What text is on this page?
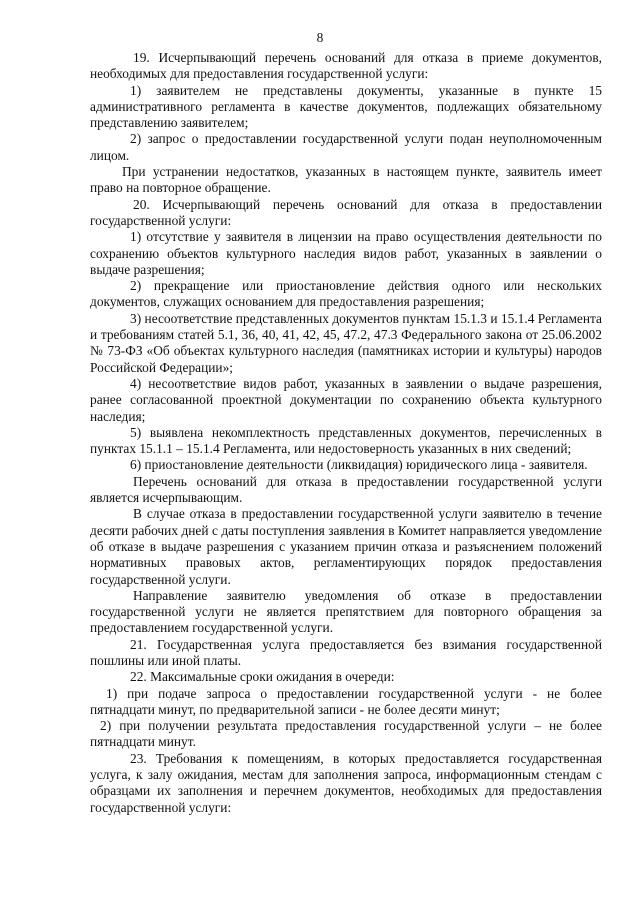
8

19. Исчерпывающий перечень оснований для отказа в приеме документов, необходимых для предоставления государственной услуги:

1) заявителем не представлены документы, указанные в пункте 15 административного регламента в качестве документов, подлежащих обязательному представлению заявителем;

2) запрос о предоставлении государственной услуги подан неуполномоченным лицом.

При устранении недостатков, указанных в настоящем пункте, заявитель имеет право на повторное обращение.

20. Исчерпывающий перечень оснований для отказа в предоставлении государственной услуги:

1) отсутствие у заявителя в лицензии на право осуществления деятельности по сохранению объектов культурного наследия видов работ, указанных в заявлении о выдаче разрешения;

2) прекращение или приостановление действия одного или нескольких документов, служащих основанием для предоставления разрешения;

3) несоответствие представленных документов пунктам 15.1.3 и 15.1.4 Регламента и требованиям статей 5.1, 36, 40, 41, 42, 45, 47.2, 47.3 Федерального закона от 25.06.2002 № 73-ФЗ «Об объектах культурного наследия (памятниках истории и культуры) народов Российской Федерации»;

4) несоответствие видов работ, указанных в заявлении о выдаче разрешения, ранее согласованной проектной документации по сохранению объекта культурного наследия;

5) выявлена некомплектность представленных документов, перечисленных в пунктах 15.1.1 – 15.1.4 Регламента, или недостоверность указанных в них сведений;

6) приостановление деятельности (ликвидация) юридического лица - заявителя.

Перечень оснований для отказа в предоставлении государственной услуги является исчерпывающим.

В случае отказа в предоставлении государственной услуги заявителю в течение десяти рабочих дней с даты поступления заявления в Комитет направляется уведомление об отказе в выдаче разрешения с указанием причин отказа и разъяснением положений нормативных правовых актов, регламентирующих порядок предоставления государственной услуги.

Направление заявителю уведомления об отказе в предоставлении государственной услуги не является препятствием для повторного обращения за предоставлением государственной услуги.

21. Государственная услуга предоставляется без взимания государственной пошлины или иной платы.

22. Максимальные сроки ожидания в очереди:

1) при подаче запроса о предоставлении государственной услуги - не более пятнадцати минут, по предварительной записи - не более десяти минут;

2) при получении результата предоставления государственной услуги – не более пятнадцати минут.

23. Требования к помещениям, в которых предоставляется государственная услуга, к залу ожидания, местам для заполнения запроса, информационным стендам с образцами их заполнения и перечнем документов, необходимых для предоставления государственной услуги:
